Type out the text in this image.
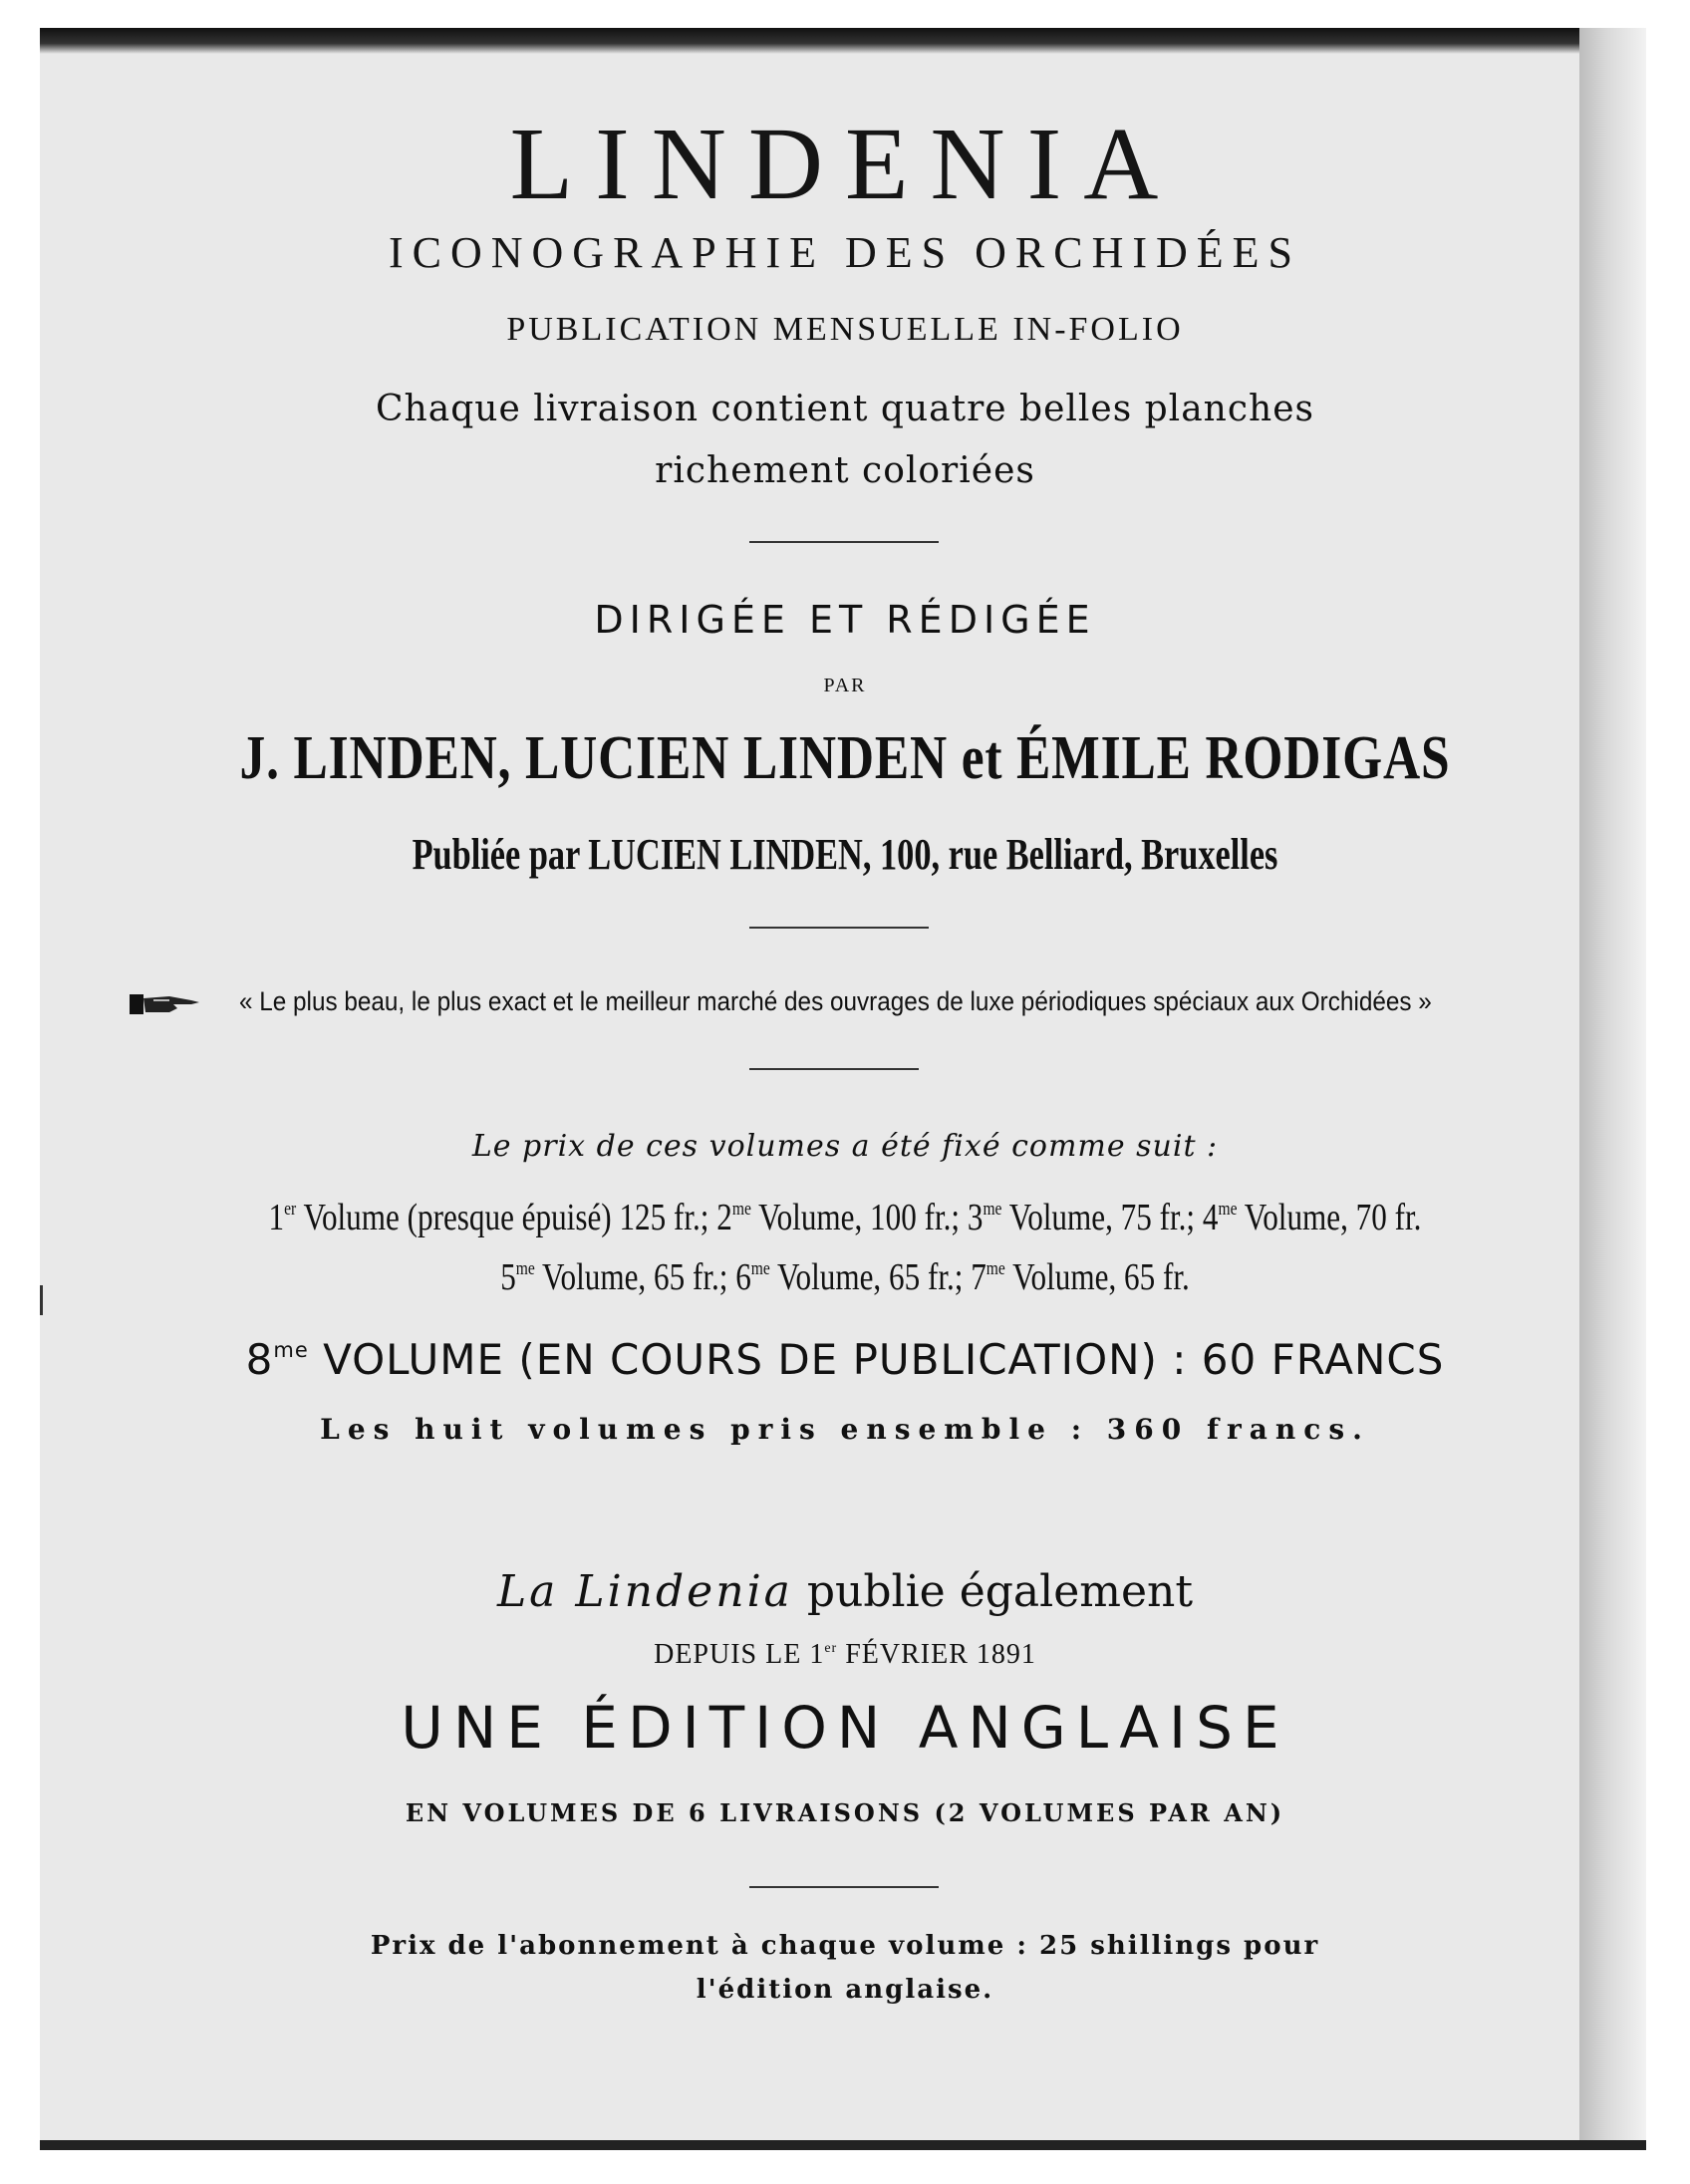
LINDENIA
ICONOGRAPHIE DES ORCHIDÉES
PUBLICATION MENSUELLE IN-FOLIO
Chaque livraison contient quatre belles planches
richement coloriées
DIRIGÉE ET RÉDIGÉE
PAR
J. LINDEN, LUCIEN LINDEN et ÉMILE RODIGAS
Publiée par LUCIEN LINDEN, 100, rue Belliard, Bruxelles
« Le plus beau, le plus exact et le meilleur marché des ouvrages de luxe périodiques spéciaux aux Orchidées »
Le prix de ces volumes a été fixé comme suit :
1er Volume (presque épuisé) 125 fr.; $2^{me}$ Volume, 100 fr.; $3^{me}$ Volume, 75 fr.; $4^{me}$ Volume, 70 fr.
$5^{me}$ Volume, 65 fr.; $6^{me}$ Volume, 65 fr.; $7^{me}$ Volume, 65 fr.
$8^{me}$ VOLUME (EN COURS DE PUBLICATION) : 60 FRANCS
Les huit volumes pris ensemble : 360 francs.
La Lindenia publie également
DEPUIS LE 1er FÉVRIER 1891
UNE ÉDITION ANGLAISE
EN VOLUMES DE 6 LIVRAISONS (2 VOLUMES PAR AN)
Prix de l'abonnement à chaque volume : 25 shillings pour
l'édition anglaise.
